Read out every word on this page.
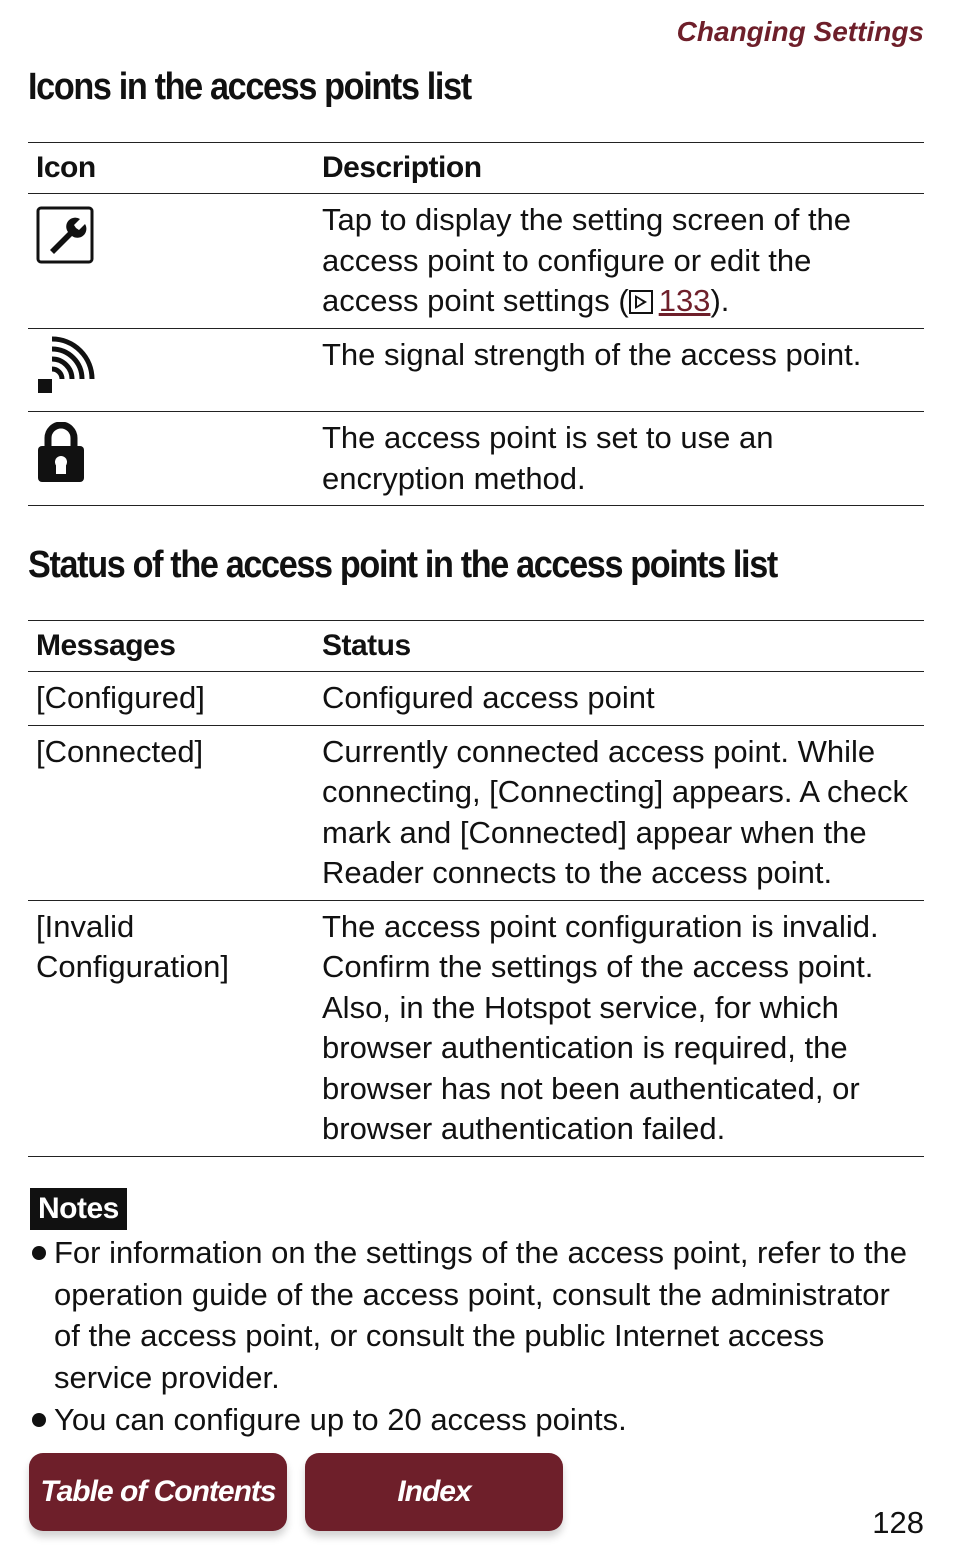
Changing Settings
Icons in the access points list
Icon	Description
	Tap to display the setting screen of the access point to configure or edit the access point settings ( 133).
	The signal strength of the access point.
	The access point is set to use an encryption method.
Status of the access point in the access points list
Messages	Status
[Configured]	Configured access point
[Connected]	Currently connected access point. While connecting, [Connecting] appears. A check mark and [Connected] appear when the Reader connects to the access point.
[Invalid Configuration]	The access point configuration is invalid. Confirm the settings of the access point. Also, in the Hotspot service, for which browser authentication is required, the browser has not been authenticated, or browser authentication failed.
Notes
For information on the settings of the access point, refer to the operation guide of the access point, consult the administrator of the access point, or consult the public Internet access service provider.
You can configure up to 20 access points.
Table of Contents	Index
128
